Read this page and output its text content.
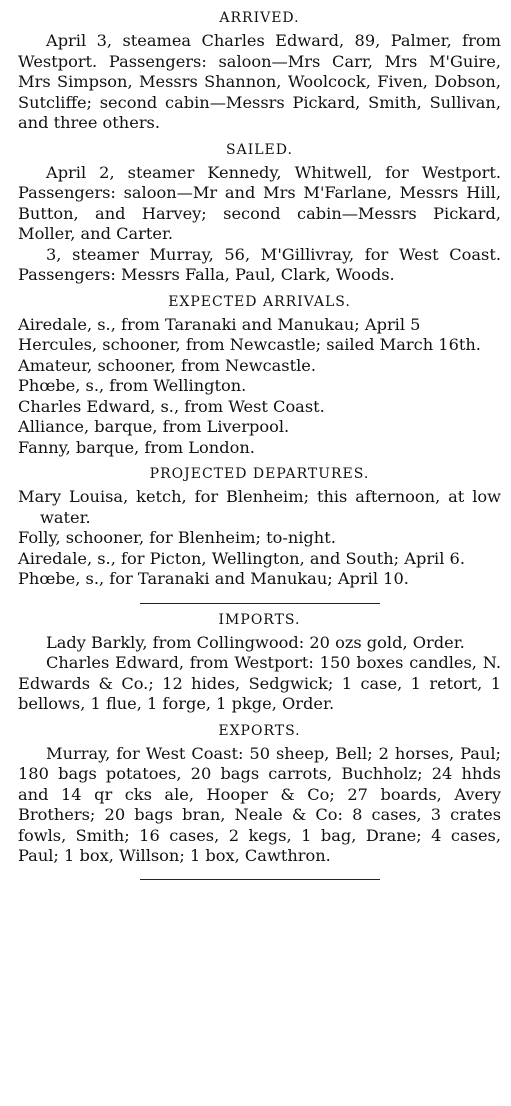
ARRIVED.

April 3, steamea Charles Edward, 89, Palmer, from Westport. Passengers: saloon—Mrs Carr, Mrs M'Guire, Mrs Simpson, Messrs Shannon, Woolcock, Fiven, Dobson, Sutcliffe; second cabin—Messrs Pickard, Smith, Sullivan, and three others.

SAILED.

April 2, steamer Kennedy, Whitwell, for Westport. Passengers: saloon—Mr and Mrs M'Farlane, Messrs Hill, Button, and Harvey; second cabin—Messrs Pickard, Moller, and Carter.

3, steamer Murray, 56, M'Gillivray, for West Coast. Passengers: Messrs Falla, Paul, Clark, Woods.

EXPECTED ARRIVALS.

Airedale, s., from Taranaki and Manukau; April 5

Hercules, schooner, from Newcastle; sailed March 16th.

Amateur, schooner, from Newcastle.

Phœbe, s., from Wellington.

Charles Edward, s., from West Coast.

Alliance, barque, from Liverpool.

Fanny, barque, from London.

PROJECTED DEPARTURES.

Mary Louisa, ketch, for Blenheim; this afternoon, at low water.

Folly, schooner, for Blenheim; to-night.

Airedale, s., for Picton, Wellington, and South; April 6.

Phœbe, s., for Taranaki and Manukau; April 10.

IMPORTS.

Lady Barkly, from Collingwood: 20 ozs gold, Order.

Charles Edward, from Westport: 150 boxes candles, N. Edwards & Co.; 12 hides, Sedgwick; 1 case, 1 retort, 1 bellows, 1 flue, 1 forge, 1 pkge, Order.

EXPORTS.

Murray, for West Coast: 50 sheep, Bell; 2 horses, Paul; 180 bags potatoes, 20 bags carrots, Buchholz; 24 hhds and 14 qr cks ale, Hooper & Co; 27 boards, Avery Brothers; 20 bags bran, Neale & Co: 8 cases, 3 crates fowls, Smith; 16 cases, 2 kegs, 1 bag, Drane; 4 cases, Paul; 1 box, Willson; 1 box, Cawthron.
